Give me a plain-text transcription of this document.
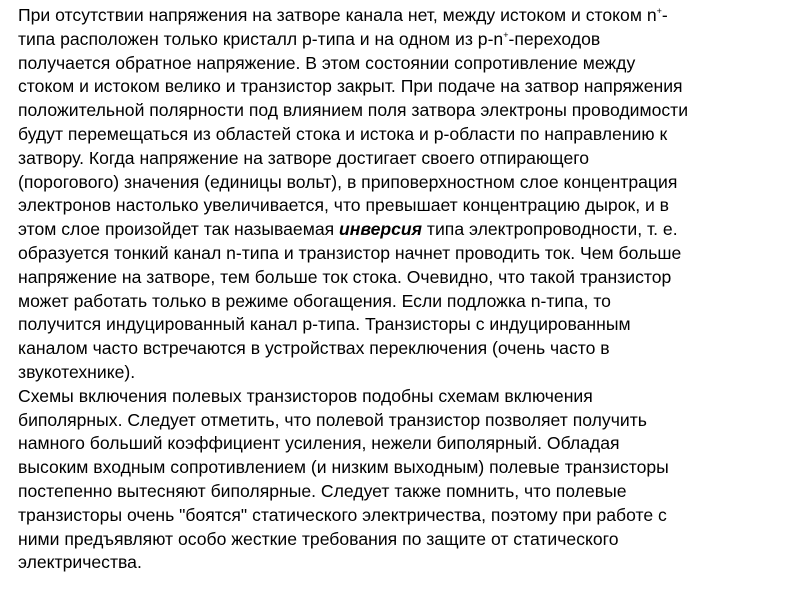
При отсутствии напряжения на затворе канала нет, между истоком и стоком n+-
типа расположен только кристалл p-типа и на одном из p-n+-переходов
получается обратное напряжение. В этом состоянии сопротивление между
стоком и истоком велико и транзистор закрыт. При подаче на затвор напряжения
положительной полярности под влиянием поля затвора электроны проводимости
будут перемещаться из областей стока и истока и p-области по направлению к
затвору. Когда напряжение на затворе достигает своего отпирающего
(порогового) значения (единицы вольт), в приповерхностном слое концентрация
электронов настолько увеличивается, что превышает концентрацию дырок, и в
этом слое произойдет так называемая инверсия типа электропроводности, т. е.
образуется тонкий канал n-типа и транзистор начнет проводить ток. Чем больше
напряжение на затворе, тем больше ток стока. Очевидно, что такой транзистор
может работать только в режиме обогащения. Если подложка n-типа, то
получится индуцированный канал p-типа. Транзисторы с индуцированным
каналом часто встречаются в устройствах переключения (очень часто в
звукотехнике).
Схемы включения полевых транзисторов подобны схемам включения
биполярных. Следует отметить, что полевой транзистор позволяет получить
намного больший коэффициент усиления, нежели биполярный. Обладая
высоким входным сопротивлением (и низким выходным) полевые транзисторы
постепенно вытесняют биполярные. Следует также помнить, что полевые
транзисторы очень "боятся" статического электричества, поэтому при работе с
ними предъявляют особо жесткие требования по защите от статического
электричества.
